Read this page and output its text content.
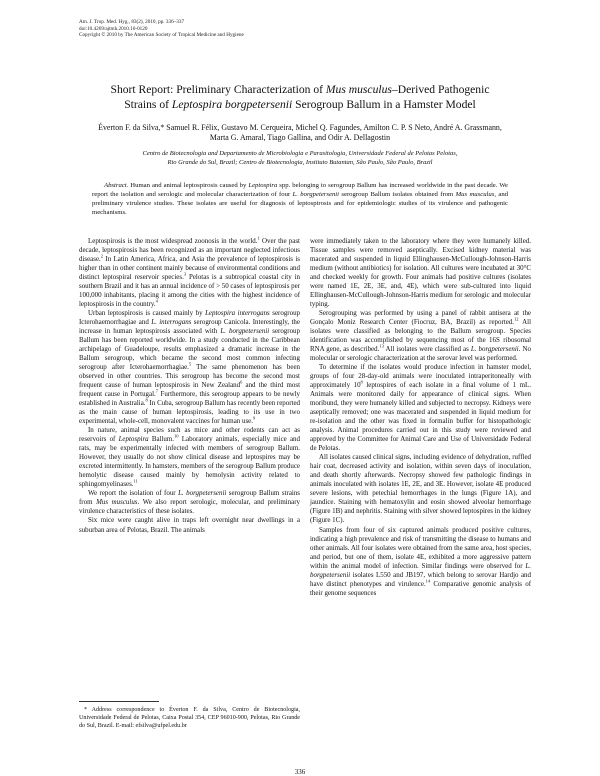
Am. J. Trop. Med. Hyg., 83(2), 2010, pp. 336–337
doi:10.4269/ajtmh.2010.10-0120
Copyright © 2010 by The American Society of Tropical Medicine and Hygiene
Short Report: Preliminary Characterization of Mus musculus–Derived Pathogenic
Strains of Leptospira borgpetersenii Serogroup Ballum in a Hamster Model
Éverton F. da Silva,* Samuel R. Félix, Gustavo M. Cerqueira, Michel Q. Fagundes, Amilton C. P. S Neto, André A. Grassmann,
Marta G. Amaral, Tiago Gallina, and Odir A. Dellagostin
Centro de Biotecnologia and Departamento de Microbiologia e Parasitologia, Universidade Federal de Pelotas Pelotas,
Rio Grande do Sul, Brazil; Centro de Biotecnologia, Instituto Butantan, São Paulo, São Paulo, Brazil
Abstract. Human and animal leptospirosis caused by Leptospira spp. belonging to serogroup Ballum has increased worldwide in the past decade. We report the isolation and serologic and molecular characterization of four L. borgpetersenii serogroup Ballum isolates obtained from Mus musculus, and preliminary virulence studies. These isolates are useful for diagnosis of leptospirosis and for epidemiologic studies of its virulence and pathogenic mechanisms.

Leptospirosis is the most widespread zoonosis in the world.$^1$ Over the past decade, leptospirosis has been recognized as an important neglected infectious disease.$^2$ In Latin America, Africa, and Asia the prevalence of leptospirosis is higher than in other continent mainly because of environmental conditions and distinct leptospiral reservoir species.$^3$ Pelotas is a subtropical coastal city in southern Brazil and it has an annual incidence of > 50 cases of leptospirosis per 100,000 inhabitants, placing it among the cities with the highest incidence of leptospirosis in the country.$^4$

Urban leptospirosis is caused mainly by Leptospira interrogans serogroup Icterohaemorrhagiae and L. interrogans serogroup Canicola. Interestingly, the increase in human leptospirosis associated with L. borgpetersenii serogroup Ballum has been reported worldwide. In a study conducted in the Caribbean archipelago of Guadeloupe, results emphasized a dramatic increase in the Ballum serogroup, which became the second most common infecting serogroup after Icterohaemorrhagiae.$^5$ The same phenomenon has been observed in other countries. This serogroup has become the second most frequent cause of human leptospirosis in New Zealand$^6$ and the third most frequent cause in Portugal.$^7$ Furthermore, this serogroup appears to be newly established in Australia.$^8$ In Cuba, serogroup Ballum has recently been reported as the main cause of human leptospirosis, leading to its use in two experimental, whole-cell, monovalent vaccines for human use.$^9$

In nature, animal species such as mice and other rodents can act as reservoirs of Leptospira Ballum.$^{10}$ Laboratory animals, especially mice and rats, may be experimentally infected with members of serogroup Ballum. However, they usually do not show clinical disease and leptospires may be excreted intermittently. In hamsters, members of the serogroup Ballum produce hemolytic disease caused mainly by hemolysin activity related to sphingomyelinases.$^{11}$

We report the isolation of four L. borgpetersenii serogroup Ballum strains from Mus musculus. We also report serologic, molecular, and preliminary virulence characteristics of these isolates.

Six mice were caught alive in traps left overnight near dwellings in a suburban area of Pelotas, Brazil. The animals

* Address correspondence to Éverton F. da Silva, Centro de Biotecnologia, Universidade Federal de Pelotas, Caixa Postal 354, CEP 96010-900, Pelotas, Rio Grande do Sul, Brazil. E-mail: efsilva@ufpel.edu.br

were immediately taken to the laboratory where they were humanely killed. Tissue samples were removed aseptically. Excised kidney material was macerated and suspended in liquid Ellinghausen-McCullough-Johnson-Harris medium (without antibiotics) for isolation. All cultures were incubated at 30°C and checked weekly for growth. Four animals had positive cultures (isolates were named 1E, 2E, 3E, and, 4E), which were sub-cultured into liquid Ellinghausen-McCullough-Johnson-Harris medium for serologic and molecular typing.

Serogrouping was performed by using a panel of rabbit antisera at the Gonçalo Moniz Research Center (Fiocruz, BA, Brazil) as reported.$^{12}$ All isolates were classified as belonging to the Ballum serogroup. Species identification was accomplished by sequencing most of the 16S ribosomal RNA gene, as described.$^{13}$ All isolates were classified as L. borgpetersenii. No molecular or serologic characterization at the serovar level was performed.

To determine if the isolates would produce infection in hamster model, groups of four 28-day-old animals were inoculated intraperitoneally with approximately $10^8$ leptospires of each isolate in a final volume of 1 mL. Animals were monitored daily for appearance of clinical signs. When moribund, they were humanely killed and subjected to necropsy. Kidneys were aseptically removed; one was macerated and suspended in liquid medium for re-isolation and the other was fixed in formalin buffer for histopathologic analysis. Animal procedures carried out in this study were reviewed and approved by the Committee for Animal Care and Use of Universidade Federal de Pelotas.

All isolates caused clinical signs, including evidence of dehydration, ruffled hair coat, decreased activity and isolation, within seven days of inoculation, and death shortly afterwards. Necropsy showed few pathologic findings in animals inoculated with isolates 1E, 2E, and 3E. However, isolate 4E produced severe lesions, with petechial hemorrhages in the lungs (Figure 1A), and jaundice. Staining with hematoxylin and eosin showed alveolar hemorrhage (Figure 1B) and nephritis. Staining with silver showed leptospires in the kidney (Figure 1C).

Samples from four of six captured animals produced positive cultures, indicating a high prevalence and risk of transmitting the disease to humans and other animals. All four isolates were obtained from the same area, host species, and period, but one of them, isolate 4E, exhibited a more aggressive pattern within the animal model of infection. Similar findings were observed for L. borgpetersenii isolates L550 and JB197, which belong to serovar Hardjo and have distinct phenotypes and virulence.$^{14}$ Comparative genomic analysis of their genome sequences

336
